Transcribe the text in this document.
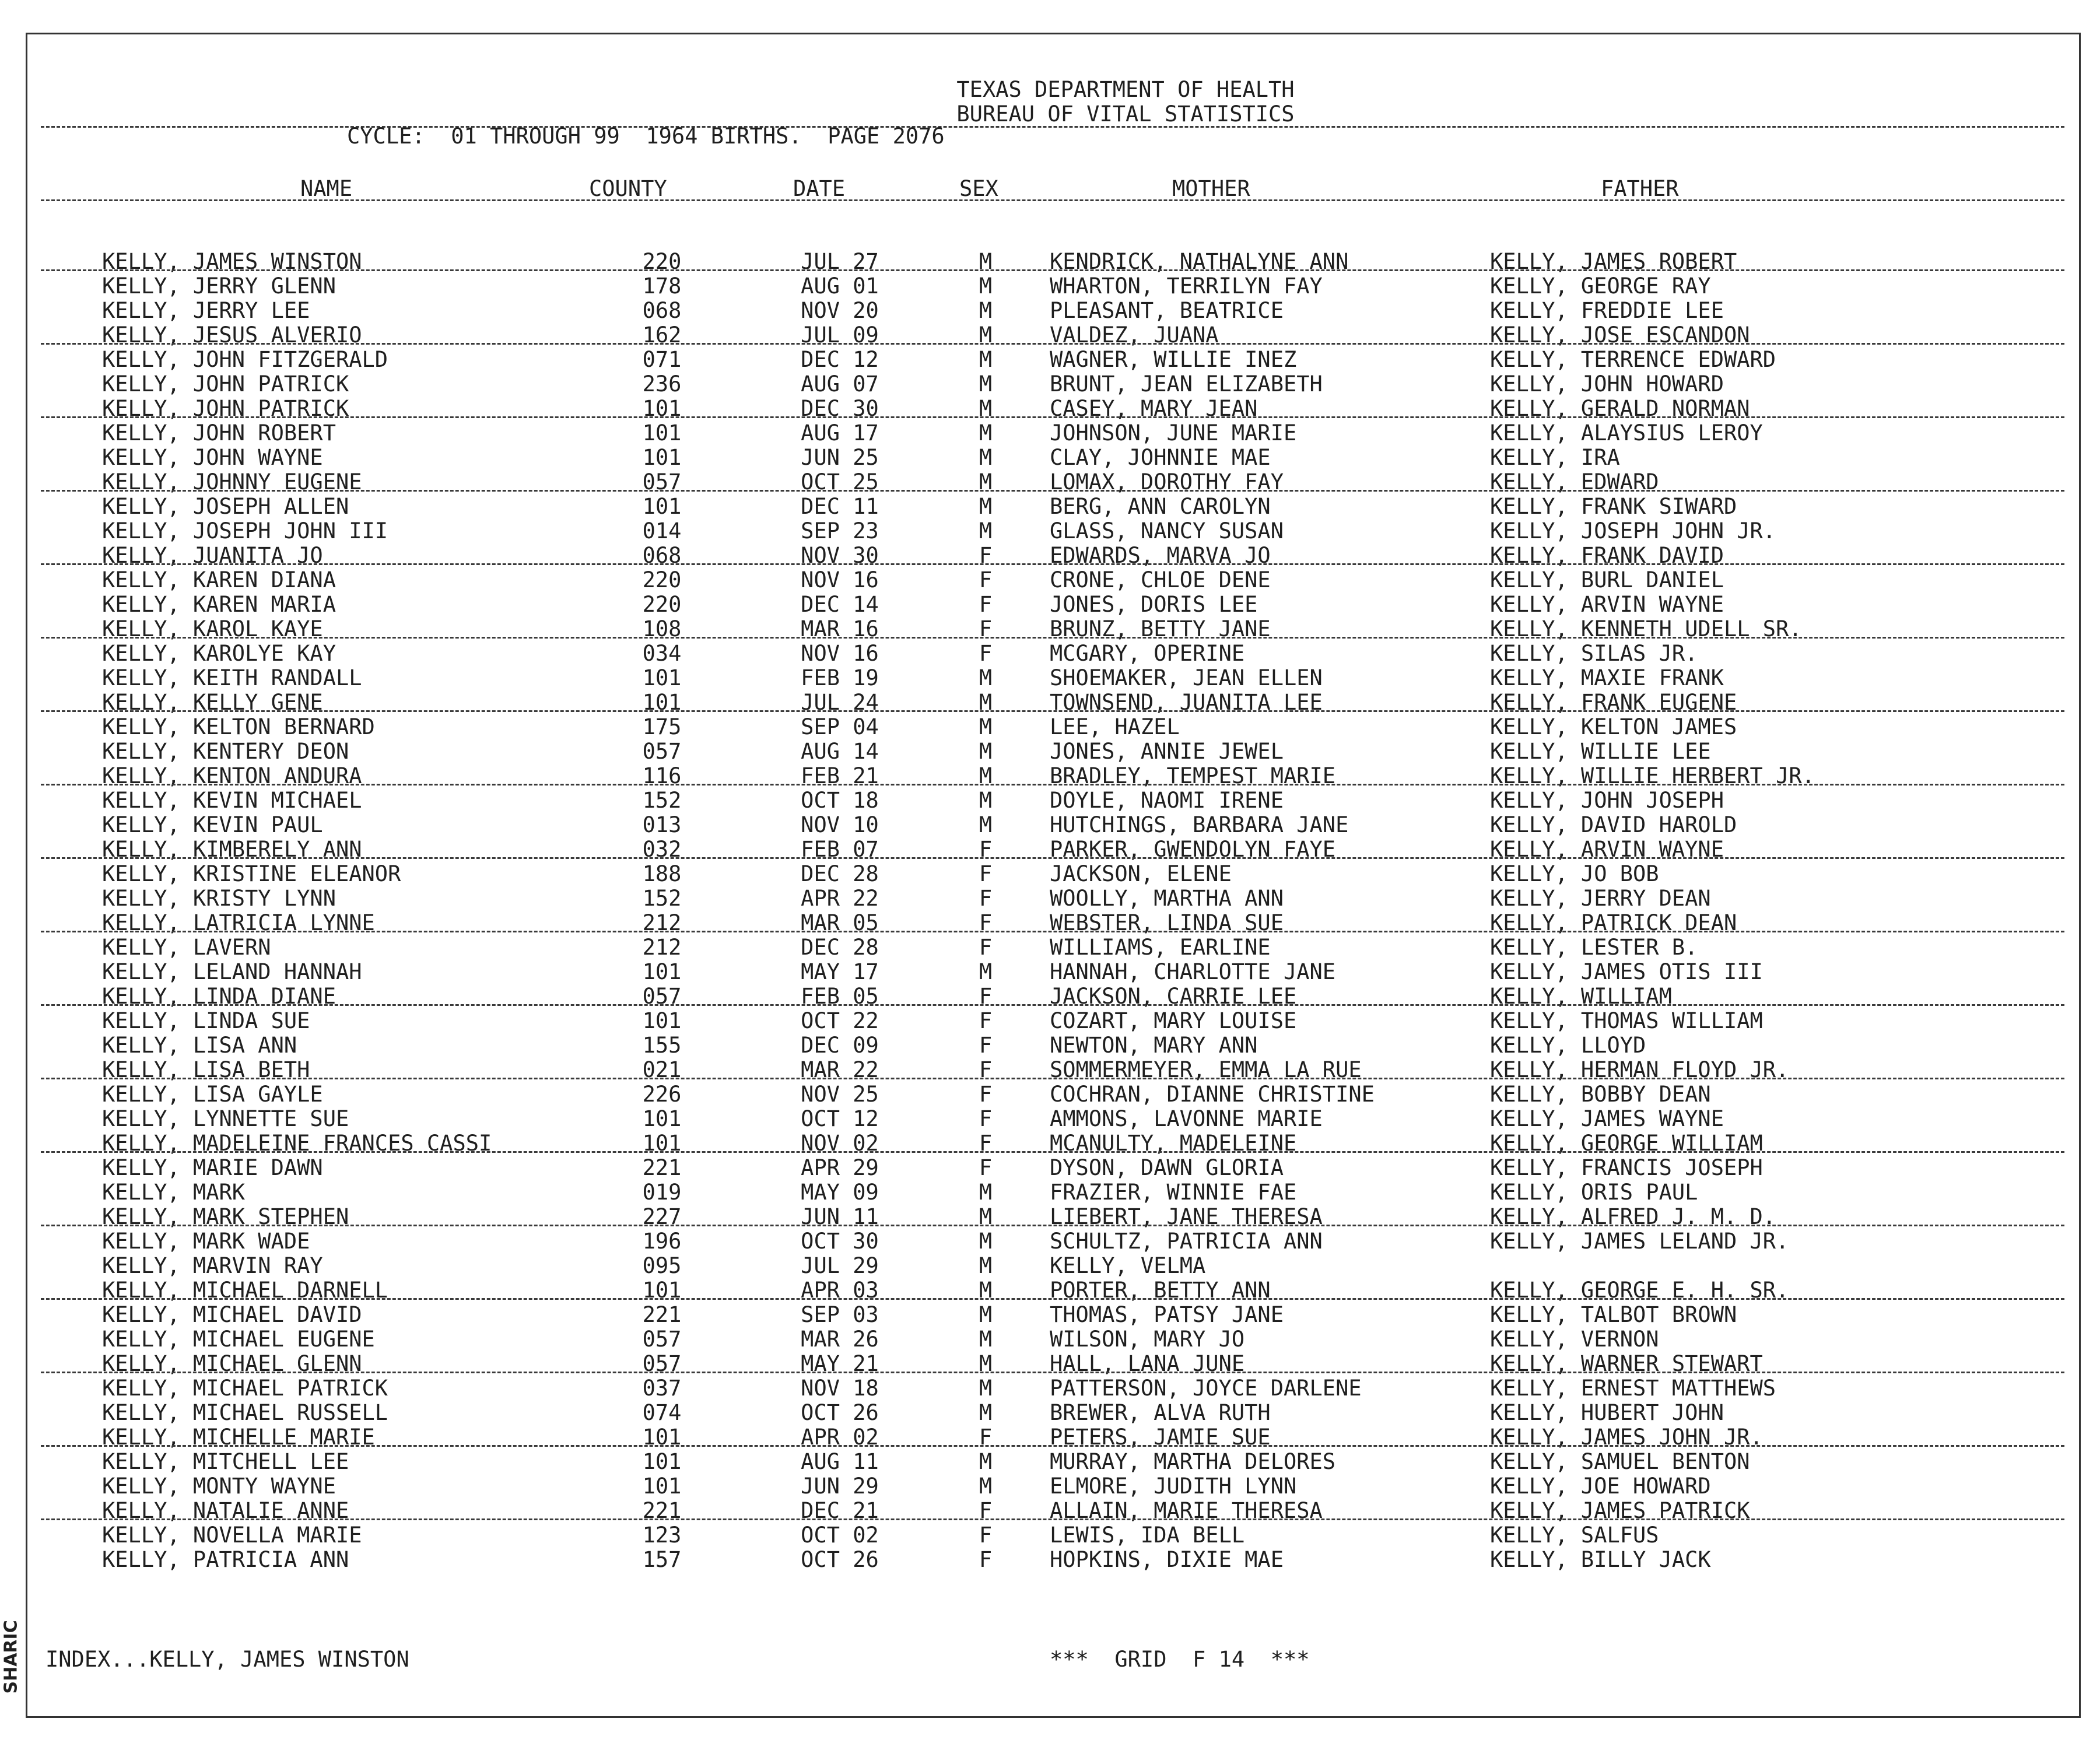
SHARIC
TEXAS DEPARTMENT OF HEALTH
BUREAU OF VITAL STATISTICS
CYCLE:  01 THROUGH 99  1964 BIRTHS.  PAGE 2076
NAME	COUNTY	DATE	SEX	MOTHER	FATHER
KELLY, JAMES WINSTON	220	JUL 27	M	KENDRICK, NATHALYNE ANN	KELLY, JAMES ROBERT
KELLY, JERRY GLENN	178	AUG 01	M	WHARTON, TERRILYN FAY	KELLY, GEORGE RAY
KELLY, JERRY LEE	068	NOV 20	M	PLEASANT, BEATRICE	KELLY, FREDDIE LEE
KELLY, JESUS ALVERIO	162	JUL 09	M	VALDEZ, JUANA	KELLY, JOSE ESCANDON
KELLY, JOHN FITZGERALD	071	DEC 12	M	WAGNER, WILLIE INEZ	KELLY, TERRENCE EDWARD
KELLY, JOHN PATRICK	236	AUG 07	M	BRUNT, JEAN ELIZABETH	KELLY, JOHN HOWARD
KELLY, JOHN PATRICK	101	DEC 30	M	CASEY, MARY JEAN	KELLY, GERALD NORMAN
KELLY, JOHN ROBERT	101	AUG 17	M	JOHNSON, JUNE MARIE	KELLY, ALAYSIUS LEROY
KELLY, JOHN WAYNE	101	JUN 25	M	CLAY, JOHNNIE MAE	KELLY, IRA
KELLY, JOHNNY EUGENE	057	OCT 25	M	LOMAX, DOROTHY FAY	KELLY, EDWARD
KELLY, JOSEPH ALLEN	101	DEC 11	M	BERG, ANN CAROLYN	KELLY, FRANK SIWARD
KELLY, JOSEPH JOHN III	014	SEP 23	M	GLASS, NANCY SUSAN	KELLY, JOSEPH JOHN JR.
KELLY, JUANITA JO	068	NOV 30	F	EDWARDS, MARVA JO	KELLY, FRANK DAVID
KELLY, KAREN DIANA	220	NOV 16	F	CRONE, CHLOE DENE	KELLY, BURL DANIEL
KELLY, KAREN MARIA	220	DEC 14	F	JONES, DORIS LEE	KELLY, ARVIN WAYNE
KELLY, KAROL KAYE	108	MAR 16	F	BRUNZ, BETTY JANE	KELLY, KENNETH UDELL SR.
KELLY, KAROLYE KAY	034	NOV 16	F	MCGARY, OPERINE	KELLY, SILAS JR.
KELLY, KEITH RANDALL	101	FEB 19	M	SHOEMAKER, JEAN ELLEN	KELLY, MAXIE FRANK
KELLY, KELLY GENE	101	JUL 24	M	TOWNSEND, JUANITA LEE	KELLY, FRANK EUGENE
KELLY, KELTON BERNARD	175	SEP 04	M	LEE, HAZEL	KELLY, KELTON JAMES
KELLY, KENTERY DEON	057	AUG 14	M	JONES, ANNIE JEWEL	KELLY, WILLIE LEE
KELLY, KENTON ANDURA	116	FEB 21	M	BRADLEY, TEMPEST MARIE	KELLY, WILLIE HERBERT JR.
KELLY, KEVIN MICHAEL	152	OCT 18	M	DOYLE, NAOMI IRENE	KELLY, JOHN JOSEPH
KELLY, KEVIN PAUL	013	NOV 10	M	HUTCHINGS, BARBARA JANE	KELLY, DAVID HAROLD
KELLY, KIMBERELY ANN	032	FEB 07	F	PARKER, GWENDOLYN FAYE	KELLY, ARVIN WAYNE
KELLY, KRISTINE ELEANOR	188	DEC 28	F	JACKSON, ELENE	KELLY, JO BOB
KELLY, KRISTY LYNN	152	APR 22	F	WOOLLY, MARTHA ANN	KELLY, JERRY DEAN
KELLY, LATRICIA LYNNE	212	MAR 05	F	WEBSTER, LINDA SUE	KELLY, PATRICK DEAN
KELLY, LAVERN	212	DEC 28	F	WILLIAMS, EARLINE	KELLY, LESTER B.
KELLY, LELAND HANNAH	101	MAY 17	M	HANNAH, CHARLOTTE JANE	KELLY, JAMES OTIS III
KELLY, LINDA DIANE	057	FEB 05	F	JACKSON, CARRIE LEE	KELLY, WILLIAM
KELLY, LINDA SUE	101	OCT 22	F	COZART, MARY LOUISE	KELLY, THOMAS WILLIAM
KELLY, LISA ANN	155	DEC 09	F	NEWTON, MARY ANN	KELLY, LLOYD
KELLY, LISA BETH	021	MAR 22	F	SOMMERMEYER, EMMA LA RUE	KELLY, HERMAN FLOYD JR.
KELLY, LISA GAYLE	226	NOV 25	F	COCHRAN, DIANNE CHRISTINE	KELLY, BOBBY DEAN
KELLY, LYNNETTE SUE	101	OCT 12	F	AMMONS, LAVONNE MARIE	KELLY, JAMES WAYNE
KELLY, MADELEINE FRANCES CASSI	101	NOV 02	F	MCANULTY, MADELEINE	KELLY, GEORGE WILLIAM
KELLY, MARIE DAWN	221	APR 29	F	DYSON, DAWN GLORIA	KELLY, FRANCIS JOSEPH
KELLY, MARK	019	MAY 09	M	FRAZIER, WINNIE FAE	KELLY, ORIS PAUL
KELLY, MARK STEPHEN	227	JUN 11	M	LIEBERT, JANE THERESA	KELLY, ALFRED J. M. D.
KELLY, MARK WADE	196	OCT 30	M	SCHULTZ, PATRICIA ANN	KELLY, JAMES LELAND JR.
KELLY, MARVIN RAY	095	JUL 29	M	KELLY, VELMA
KELLY, MICHAEL DARNELL	101	APR 03	M	PORTER, BETTY ANN	KELLY, GEORGE E. H. SR.
KELLY, MICHAEL DAVID	221	SEP 03	M	THOMAS, PATSY JANE	KELLY, TALBOT BROWN
KELLY, MICHAEL EUGENE	057	MAR 26	M	WILSON, MARY JO	KELLY, VERNON
KELLY, MICHAEL GLENN	057	MAY 21	M	HALL, LANA JUNE	KELLY, WARNER STEWART
KELLY, MICHAEL PATRICK	037	NOV 18	M	PATTERSON, JOYCE DARLENE	KELLY, ERNEST MATTHEWS
KELLY, MICHAEL RUSSELL	074	OCT 26	M	BREWER, ALVA RUTH	KELLY, HUBERT JOHN
KELLY, MICHELLE MARIE	101	APR 02	F	PETERS, JAMIE SUE	KELLY, JAMES JOHN JR.
KELLY, MITCHELL LEE	101	AUG 11	M	MURRAY, MARTHA DELORES	KELLY, SAMUEL BENTON
KELLY, MONTY WAYNE	101	JUN 29	M	ELMORE, JUDITH LYNN	KELLY, JOE HOWARD
KELLY, NATALIE ANNE	221	DEC 21	F	ALLAIN, MARIE THERESA	KELLY, JAMES PATRICK
KELLY, NOVELLA MARIE	123	OCT 02	F	LEWIS, IDA BELL	KELLY, SALFUS
KELLY, PATRICIA ANN	157	OCT 26	F	HOPKINS, DIXIE MAE	KELLY, BILLY JACK
INDEX...KELLY, JAMES WINSTON	***  GRID  F 14  ***
